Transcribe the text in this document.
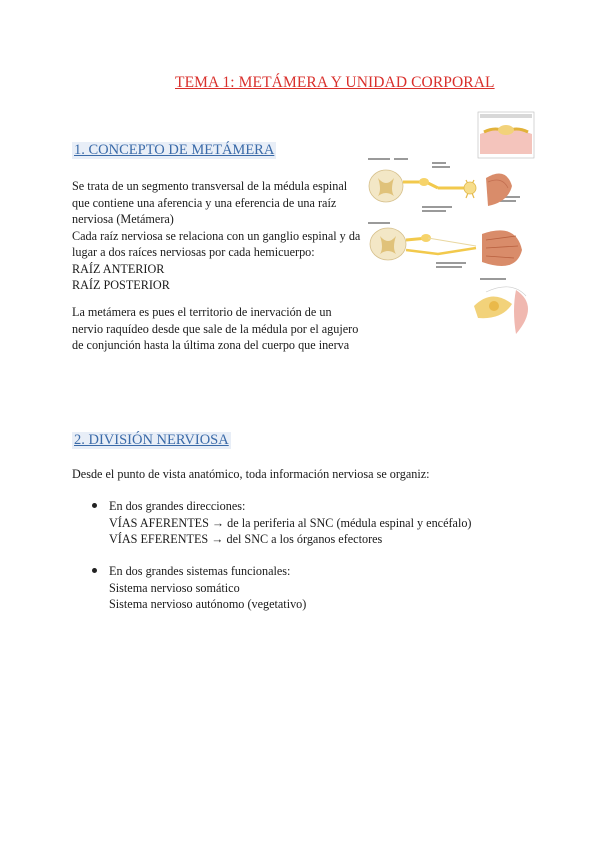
TEMA 1: METÁMERA Y UNIDAD CORPORAL
1. CONCEPTO DE METÁMERA

Se trata de un segmento transversal de la médula espinal

que contiene una aferencia y una eferencia de una raíz

nerviosa (Metámera)

Cada raíz nerviosa se relaciona con un ganglio espinal y da

lugar a dos raíces nerviosas por cada hemicuerpo:

RAÍZ ANTERIOR

RAÍZ POSTERIOR

La metámera es pues el territorio de inervación de un

nervio raquídeo desde que sale de la médula por el agujero

de conjunción hasta la última zona del cuerpo que inerva

2. DIVISIÓN NERVIOSA
Desde el punto de vista anatómico, toda información nerviosa se organiz:

En dos grandes direcciones:

VÍAS AFERENTES → de la periferia al SNC (médula espinal y encéfalo)

VÍAS EFERENTES → del SNC a los órganos efectores

En dos grandes sistemas funcionales:

Sistema nervioso somático

Sistema nervioso autónomo (vegetativo)
